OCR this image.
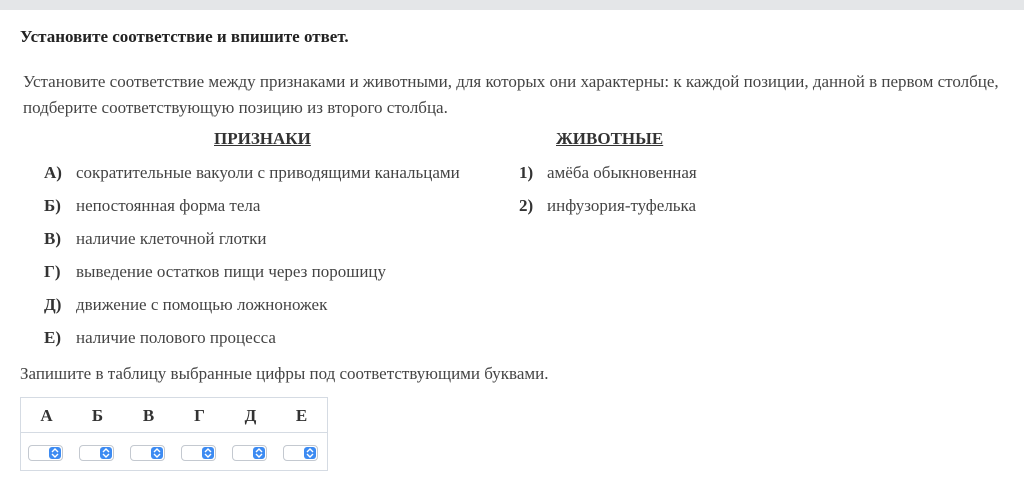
Установите соответствие и впишите ответ.
Установите соответствие между признаками и животными, для которых они характерны: к каждой позиции, данной в первом столбце, подберите соответствующую позицию из второго столбца.
ПРИЗНАКИ	ЖИВОТНЫЕ
А) сократительные вакуоли с приводящими канальцами
Б) непостоянная форма тела
В) наличие клеточной глотки
Г) выведение остатков пищи через порошицу
Д) движение с помощью ложноножек
Е) наличие полового процесса
1) амёба обыкновенная
2) инфузория-туфелька
Запишите в таблицу выбранные цифры под соответствующими буквами.
А	Б	В	Г	Д	Е
